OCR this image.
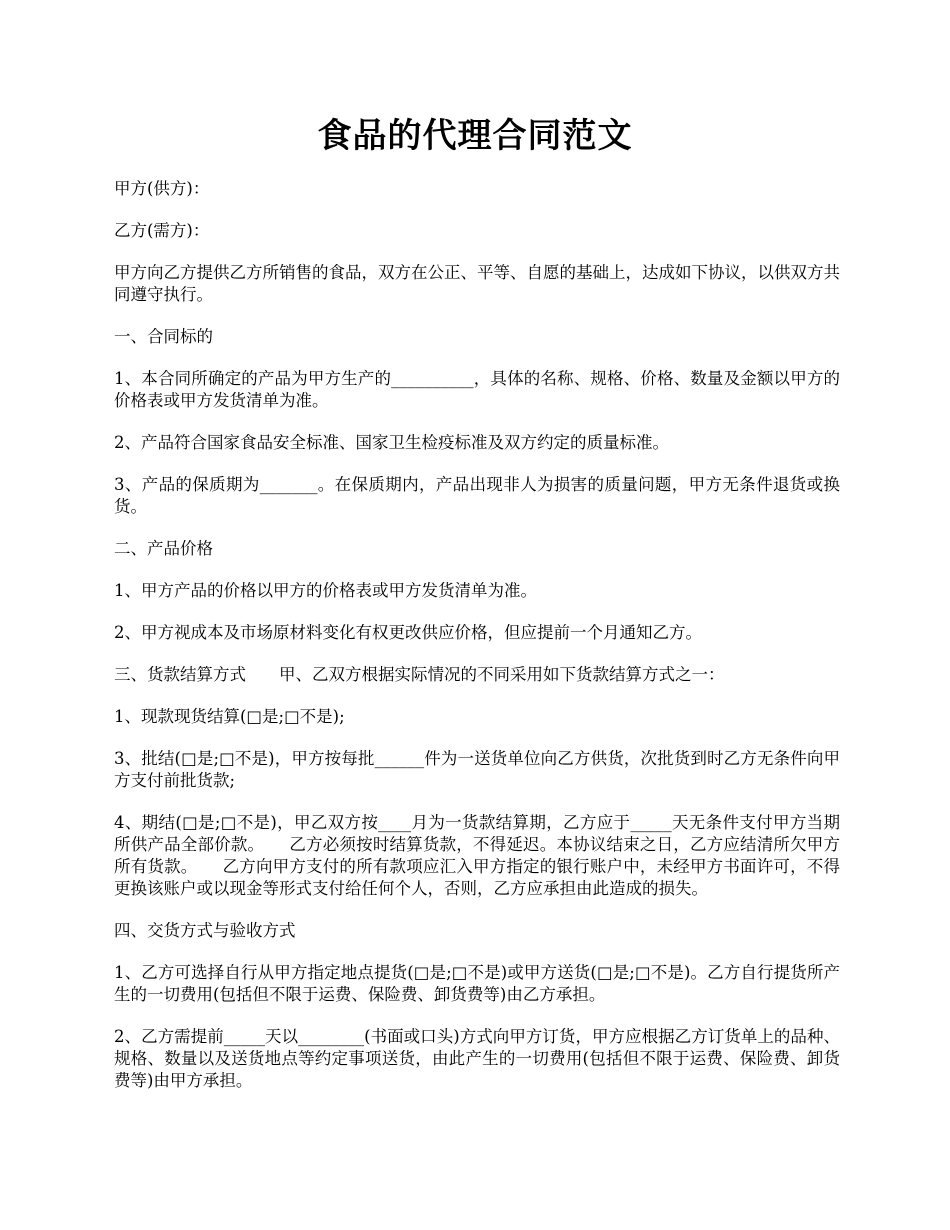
食品的代理合同范文

甲方(供方)：

乙方(需方)：

甲方向乙方提供乙方所销售的食品，双方在公正、平等、自愿的基础上，达成如下协议，以供双方共同遵守执行。

一、合同标的

1、本合同所确定的产品为甲方生产的__________，具体的名称、规格、价格、数量及金额以甲方的价格表或甲方发货清单为准。

2、产品符合国家食品安全标准、国家卫生检疫标准及双方约定的质量标准。

3、产品的保质期为_______。在保质期内，产品出现非人为损害的质量问题，甲方无条件退货或换货。

二、产品价格

1、甲方产品的价格以甲方的价格表或甲方发货清单为准。

2、甲方视成本及市场原材料变化有权更改供应价格，但应提前一个月通知乙方。

三、货款结算方式　　甲、乙双方根据实际情况的不同采用如下货款结算方式之一：

1、现款现货结算(□是;□不是);

3、批结(□是;□不是)，甲方按每批______件为一送货单位向乙方供货，次批货到时乙方无条件向甲方支付前批货款;

4、期结(□是;□不是)，甲乙双方按____月为一货款结算期，乙方应于_____天无条件支付甲方当期所供产品全部价款。　　乙方必须按时结算货款，不得延迟。本协议结束之日，乙方应结清所欠甲方所有货款。　　乙方向甲方支付的所有款项应汇入甲方指定的银行账户中，未经甲方书面许可，不得更换该账户或以现金等形式支付给任何个人，否则，乙方应承担由此造成的损失。

四、交货方式与验收方式

1、乙方可选择自行从甲方指定地点提货(□是;□不是)或甲方送货(□是;□不是)。乙方自行提货所产生的一切费用(包括但不限于运费、保险费、卸货费等)由乙方承担。

2、乙方需提前_____天以________(书面或口头)方式向甲方订货，甲方应根据乙方订货单上的品种、规格、数量以及送货地点等约定事项送货，由此产生的一切费用(包括但不限于运费、保险费、卸货费等)由甲方承担。
